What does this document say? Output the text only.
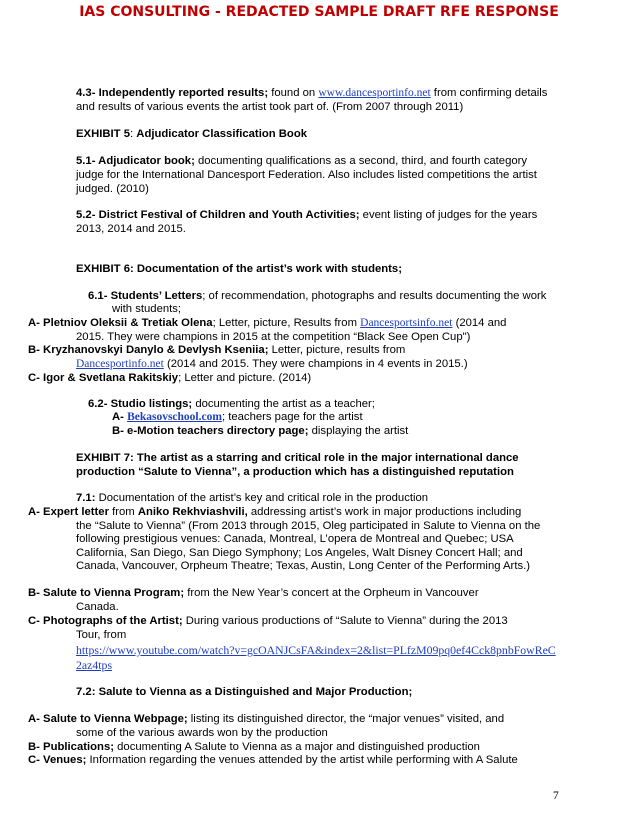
IAS CONSULTING - REDACTED SAMPLE DRAFT RFE RESPONSE
4.3- Independently reported results; found on www.dancesportinfo.net from confirming details
and results of various events the artist took part of. (From 2007 through 2011)
EXHIBIT 5: Adjudicator Classification Book
5.1- Adjudicator book; documenting qualifications as a second, third, and fourth category
judge for the International Dancesport Federation. Also includes listed competitions the artist
judged. (2010)
5.2- District Festival of Children and Youth Activities; event listing of judges for the years
2013, 2014 and 2015.
EXHIBIT 6: Documentation of the artist’s work with students;
6.1- Students’ Letters; of recommendation, photographs and results documenting the work
with students;
A- Pletniov Oleksii & Tretiak Olena; Letter, picture, Results from Dancesportsinfo.net (2014 and
2015. They were champions in 2015 at the competition “Black See Open Cup")
B- Kryzhanovskyi Danylo & Devlysh Kseniia; Letter, picture, results from
Dancesportinfo.net (2014 and 2015. They were champions in 4 events in 2015.)
C- Igor & Svetlana Rakitskiy; Letter and picture. (2014)
6.2- Studio listings; documenting the artist as a teacher;
A- Bekasovschool.com; teachers page for the artist
B- e-Motion teachers directory page; displaying the artist
EXHIBIT 7: The artist as a starring and critical role in the major international dance
production “Salute to Vienna”, a production which has a distinguished reputation
7.1: Documentation of the artist’s key and critical role in the production
A- Expert letter from Aniko Rekhviashvili, addressing artist’s work in major productions including
the “Salute to Vienna” (From 2013 through 2015, Oleg participated in Salute to Vienna on the
following prestigious venues: Canada, Montreal, L’opera de Montreal and Quebec; USA
California, San Diego, San Diego Symphony; Los Angeles, Walt Disney Concert Hall; and
Canada, Vancouver, Orpheum Theatre; Texas, Austin, Long Center of the Performing Arts.)
B- Salute to Vienna Program; from the New Year’s concert at the Orpheum in Vancouver
Canada.
C- Photographs of the Artist; During various productions of “Salute to Vienna” during the 2013
Tour, from
https://www.youtube.com/watch?v=gcOANJCsFA&index=2&list=PLfzM09pq0ef4Cck8pnbFowReC
2az4tps
7.2: Salute to Vienna as a Distinguished and Major Production;
A- Salute to Vienna Webpage; listing its distinguished director, the “major venues” visited, and
some of the various awards won by the production
B- Publications; documenting A Salute to Vienna as a major and distinguished production
C- Venues; Information regarding the venues attended by the artist while performing with A Salute
7
